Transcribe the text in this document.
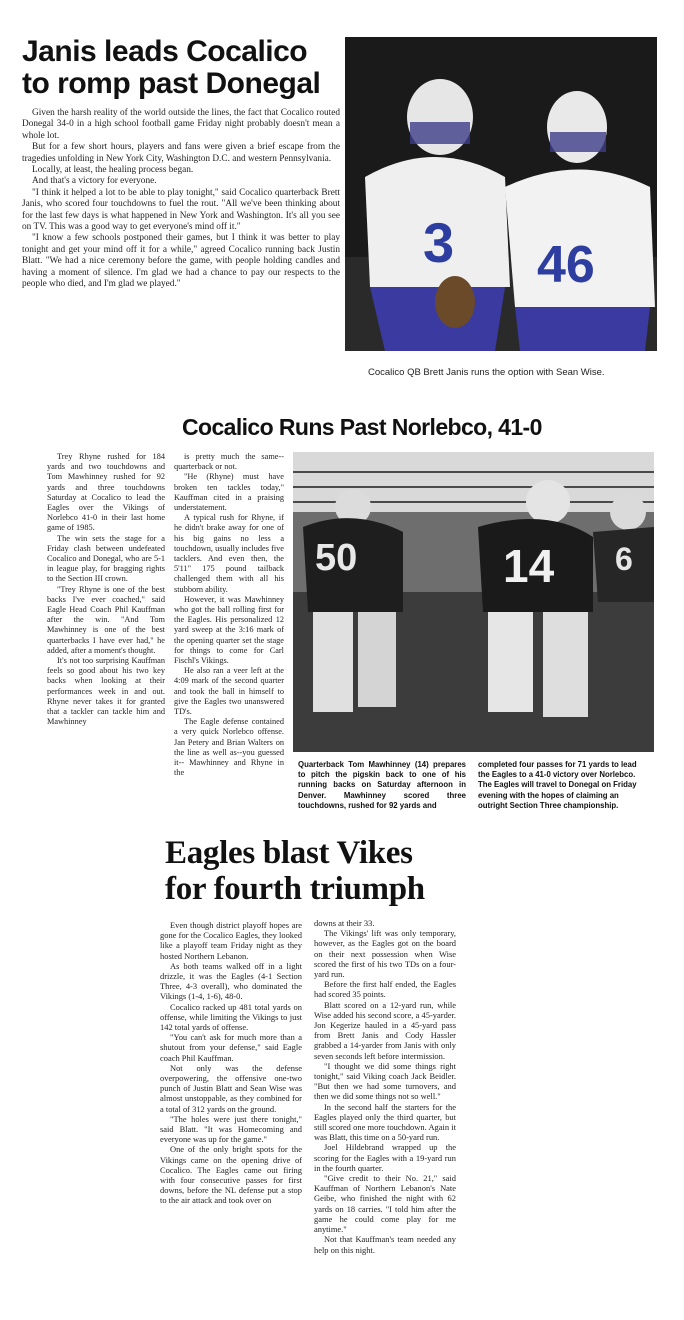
Janis leads Cocalico
to romp past Donegal

Given the harsh reality of the world outside the lines, the fact that Cocalico routed Donegal 34-0 in a high school football game Friday night probably doesn't mean a whole lot.

But for a few short hours, players and fans were given a brief escape from the tragedies unfolding in New York City, Washington D.C. and western Pennsylvania.

Locally, at least, the healing process began.

And that's a victory for everyone.

"I think it helped a lot to be able to play tonight," said Cocalico quarterback Brett Janis, who scored four touchdowns to fuel the rout. "All we've been thinking about for the last few days is what happened in New York and Washington. It's all you see on TV. This was a good way to get everyone's mind off it."

"I know a few schools postponed their games, but I think it was better to play tonight and get your mind off it for a while," agreed Cocalico running back Justin Blatt. "We had a nice ceremony before the game, with people holding candles and having a moment of silence. I'm glad we had a chance to pay our respects to the people who died, and I'm glad we played."

3 46
Cocalico QB Brett Janis runs the option with Sean Wise.
Cocalico Runs Past Norlebco, 41-0

Trey Rhyne rushed for 184 yards and two touchdowns and Tom Mawhinney rushed for 92 yards and three touchdowns Saturday at Cocalico to lead the Eagles over the Vikings of Norlebco 41-0 in their last home game of 1985.

The win sets the stage for a Friday clash between undefeated Cocalico and Donegal, who are 5-1 in league play, for bragging rights to the Section III crown.

"Trey Rhyne is one of the best backs I've ever coached," said Eagle Head Coach Phil Kauffman after the win. "And Tom Mawhinney is one of the best quarterbacks I have ever had," he added, after a moment's thought.

It's not too surprising Kauffman feels so good about his two key backs when looking at their performances week in and out. Rhyne never takes it for granted that a tackler can tackle him and Mawhinney

is pretty much the same-- quarterback or not.

"He (Rhyne) must have broken ten tackles today," Kauffman cited in a praising understatement.

A typical rush for Rhyne, if he didn't brake away for one of his big gains no less a touchdown, usually includes five tacklers. And even then, the 5'11" 175 pound tailback challenged them with all his stubborn ability.

However, it was Mawhinney who got the ball rolling first for the Eagles. His personalized 12 yard sweep at the 3:16 mark of the opening quarter set the stage for things to come for Carl Fischl's Vikings.

He also ran a veer left at the 4:09 mark of the second quarter and took the ball in himself to give the Eagles two unanswered TD's.

The Eagle defense contained a very quick Norlebco offense. Jan Petery and Brian Walters on the line as well as--you guessed it-- Mawhinney and Rhyne in the

50	14 6
Quarterback Tom Mawhinney (14) prepares to pitch the pigskin back to one of his running backs on Saturday afternoon in Denver. Mawhinney scored three touchdowns, rushed for 92 yards and
completed four passes for 71 yards to lead the Eagles to a 41-0 victory over Norlebco. The Eagles will travel to Donegal on Friday evening with the hopes of claiming an outright Section Three championship.
Eagles blast Vikes
for fourth triumph

Even though district playoff hopes are gone for the Cocalico Eagles, they looked like a playoff team Friday night as they hosted Northern Lebanon.

As both teams walked off in a light drizzle, it was the Eagles (4-1 Section Three, 4-3 overall), who dominated the Vikings (1-4, 1-6), 48-0.

Cocalico racked up 481 total yards on offense, while limiting the Vikings to just 142 total yards of offense.

"You can't ask for much more than a shutout from your defense," said Eagle coach Phil Kauffman.

Not only was the defense overpowering, the offensive one-two punch of Justin Blatt and Sean Wise was almost unstoppable, as they combined for a total of 312 yards on the ground.

"The holes were just there tonight," said Blatt. "It was Homecoming and everyone was up for the game."

One of the only bright spots for the Vikings came on the opening drive of Cocalico. The Eagles came out firing with four consecutive passes for first downs, before the NL defense put a stop to the air attack and took over on

downs at their 33.

The Vikings' lift was only temporary, however, as the Eagles got on the board on their next possession when Wise scored the first of his two TDs on a four-yard run.

Before the first half ended, the Eagles had scored 35 points.

Blatt scored on a 12-yard run, while Wise added his second score, a 45-yarder. Jon Kegerize hauled in a 45-yard pass from Brett Janis and Cody Hassler grabbed a 14-yarder from Janis with only seven seconds left before intermission.

"I thought we did some things right tonight," said Viking coach Jack Beidler. "But then we had some turnovers, and then we did some things not so well."

In the second half the starters for the Eagles played only the third quarter, but still scored one more touchdown. Again it was Blatt, this time on a 50-yard run.

Joel Hildebrand wrapped up the scoring for the Eagles with a 19-yard run in the fourth quarter.

"Give credit to their No. 21," said Kauffman of Northern Lebanon's Nate Geibe, who finished the night with 62 yards on 18 carries. "I told him after the game he could come play for me anytime."

Not that Kauffman's team needed any help on this night.
